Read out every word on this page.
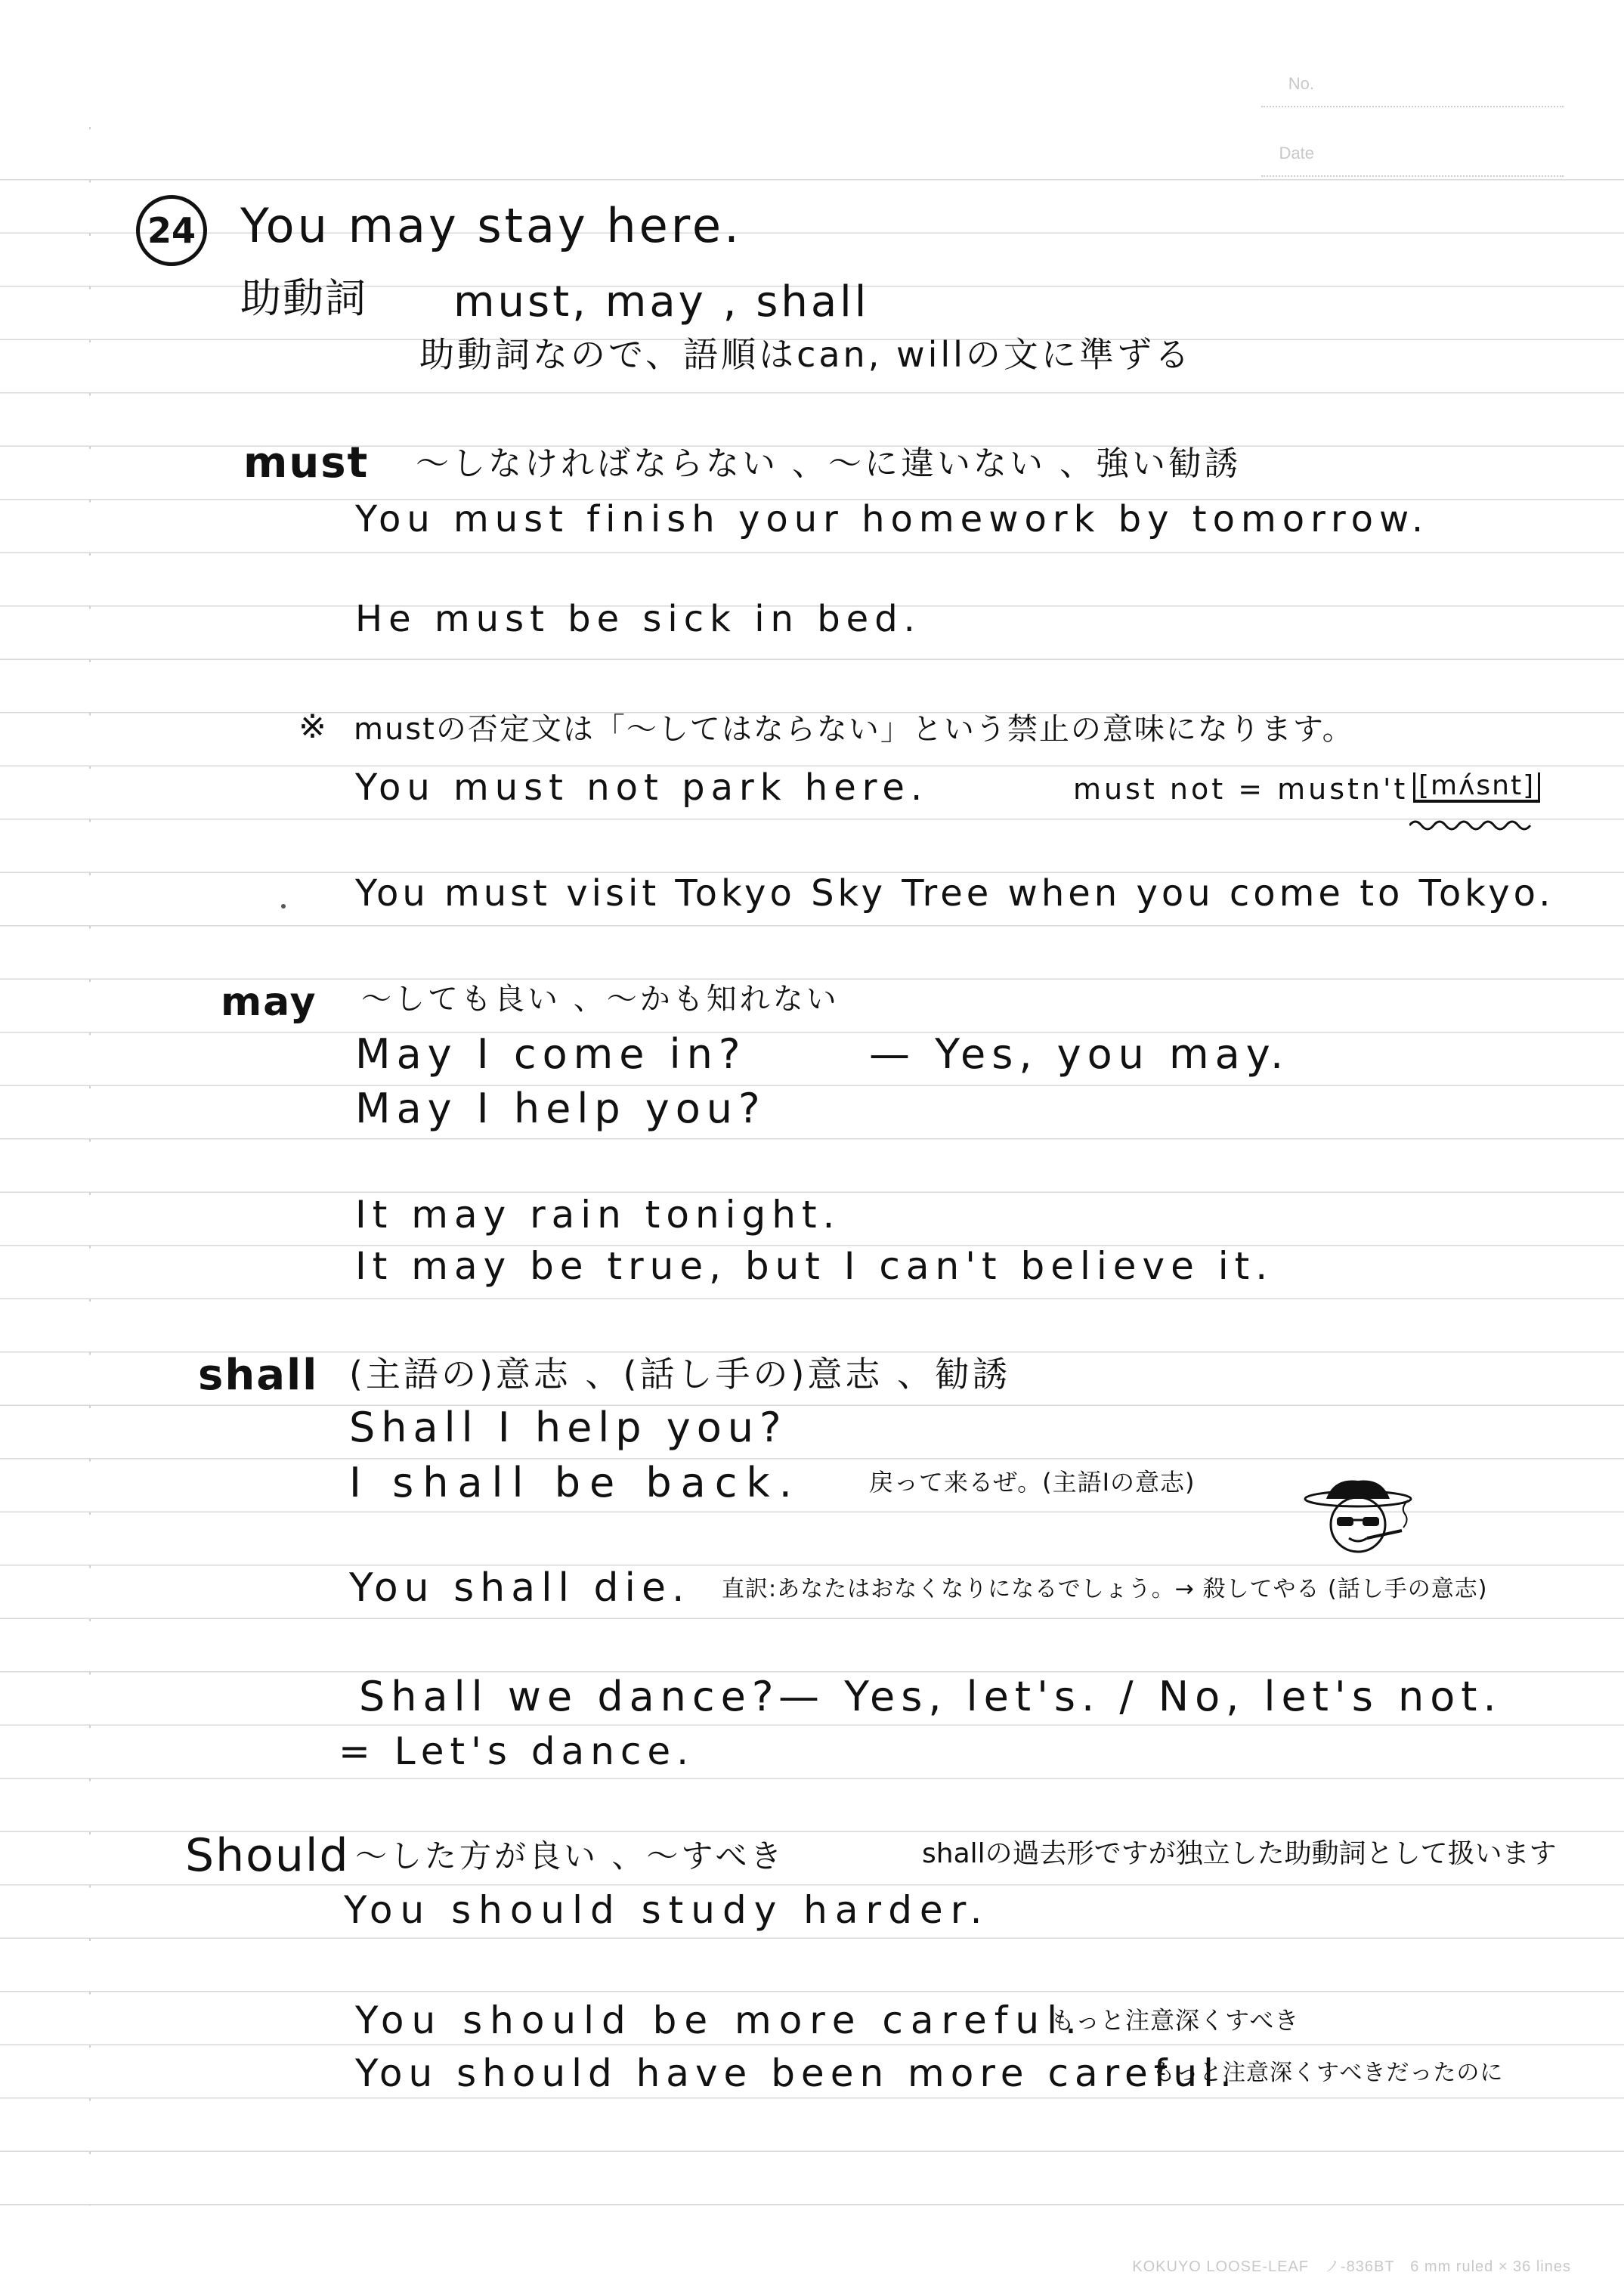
No.
Date
24 You may stay here.
助動詞 must, may , shall
助動詞なので、語順はcan, willの文に準ずる
must 〜しなければならない 、〜に違いない 、強い勧誘
You must finish your homework by tomorrow.
He must be sick in bed.
※ mustの否定文は「〜してはならない」という禁止の意味になります。
You must not park here.	must not = mustn't [mʌ́snt]
You must visit Tokyo Sky Tree when you come to Tokyo.
may 〜しても良い 、〜かも知れない
May I come in?	— Yes, you may.
May I help you?
It may rain tonight.
It may be true, but I can't believe it.
shall (主語の)意志 、(話し手の)意志 、勧誘
Shall I help you?
I shall be back.	戻って来るぜ。(主語Iの意志)
You shall die. 直訳:あなたはおなくなりになるでしょう。→ 殺してやる (話し手の意志)
Shall we dance?
— Yes, let's. / No, let's not.
= Let's dance.
Should 〜した方が良い 、〜すべき	shallの過去形ですが独立した助動詞として扱います
You should study harder.
You should be more careful.
もっと注意深くすべき
You should have been more careful.
もっと注意深くすべきだったのに
KOKUYO LOOSE-LEAF　ノ-836BT　6 mm ruled × 36 lines
